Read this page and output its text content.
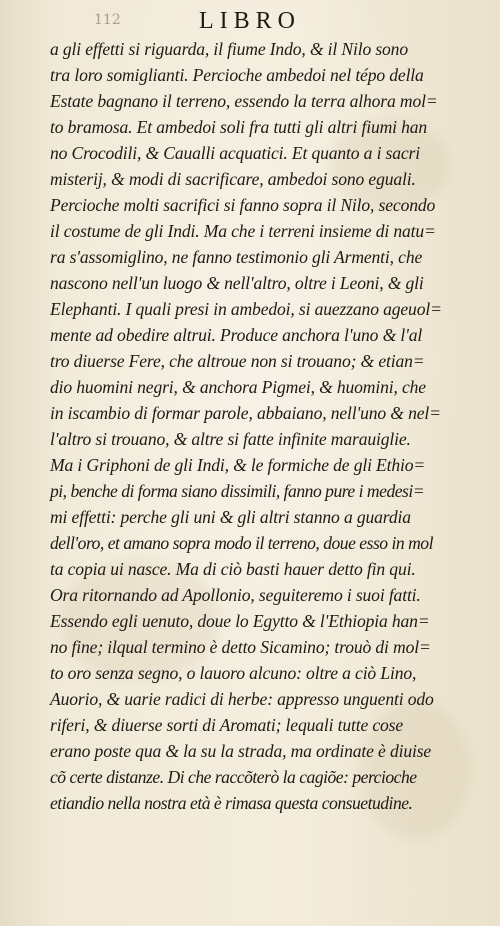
112	LIBRO
a gli effetti si riguarda, il fiume Indo, & il Nilo sono
tra loro somiglianti. Percioche ambedoi nel tépo della
Estate bagnano il terreno, essendo la terra alhora mol=
to bramosa. Et ambedoi soli fra tutti gli altri fiumi han
no Crocodili, & Caualli acquatici. Et quanto a i sacri
misterij, & modi di sacrificare, ambedoi sono eguali.
Percioche molti sacrifici si fanno sopra il Nilo, secondo
il costume de gli Indi. Ma che i terreni insieme di natu=
ra s'assomiglino, ne fanno testimonio gli Armenti, che
nascono nell'un luogo & nell'altro, oltre i Leoni, & gli
Elephanti. I quali presi in ambedoi, si auezzano ageuol=
mente ad obedire altrui. Produce anchora l'uno & l'al
tro diuerse Fere, che altroue non si trouano; & etian=
dio huomini negri, & anchora Pigmei, & huomini, che
in iscambio di formar parole, abbaiano, nell'uno & nel=
l'altro si trouano, & altre si fatte infinite marauiglie.
Ma i Griphoni de gli Indi, & le formiche de gli Ethio=
pi, benche di forma siano dissimili, fanno pure i medesi=
mi effetti: perche gli uni & gli altri stanno a guardia
dell'oro, et amano sopra modo il terreno, doue esso in mol
ta copia ui nasce. Ma di ciò basti hauer detto fin qui.
Ora ritornando ad Apollonio, seguiteremo i suoi fatti.
Essendo egli uenuto, doue lo Egytto & l'Ethiopia han=
no fine; ilqual termino è detto Sicamino; trouò di mol=
to oro senza segno, o lauoro alcuno: oltre a ciò Lino,
Auorio, & uarie radici di herbe: appresso unguenti odo
riferi, & diuerse sorti di Aromati; lequali tutte cose
erano poste qua & la su la strada, ma ordinate è diuise
cõ certe distanze. Di che raccõterò la cagiõe: percioche
etiandio nella nostra età è rimasa questa consuetudine.
